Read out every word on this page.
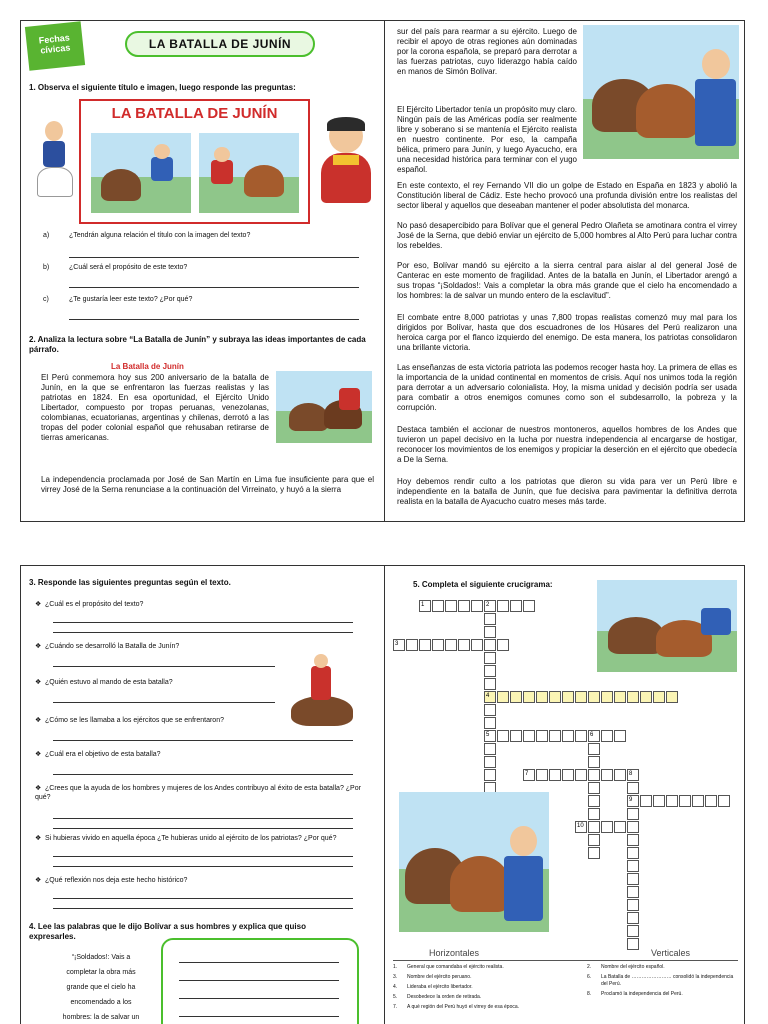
Fechas cívicas	LA BATALLA DE JUNÍN
1. Observa el siguiente título e imagen, luego responde las preguntas:
LA BATALLA DE JUNÍN
a)	¿Tendrán alguna relación el título con la imagen del texto?
b)	¿Cuál será el propósito de este texto?
c)	¿Te gustaría leer este texto? ¿Por qué?
2. Analiza la lectura sobre “La Batalla de Junín” y subraya las ideas importantes de cada párrafo.
La Batalla de Junín
El Perú conmemora hoy sus 200 aniversario de la batalla de Junín, en la que se enfrentaron las fuerzas realistas y las patriotas en 1824. En esa oportunidad, el Ejército Unido Libertador, compuesto por tropas peruanas, venezolanas, colombianas, ecuatorianas, argentinas y chilenas, derrotó a las tropas del poder colonial español que rehusaban retirarse de tierras americanas.
La independencia proclamada por José de San Martín en Lima fue insuficiente para que el virrey José de la Serna renunciase a la continuación del Virreinato, y huyó a la sierra
sur del país para rearmar a su ejército. Luego de recibir el apoyo de otras regiones aún dominadas por la corona española, se preparó para derrotar a las fuerzas patriotas, cuyo liderazgo había caído en manos de Simón Bolívar.
El Ejército Libertador tenía un propósito muy claro. Ningún país de las Américas podía ser realmente libre y soberano si se mantenía el Ejército realista en nuestro continente. Por eso, la campaña bélica, primero para Junín, y luego Ayacucho, era una necesidad histórica para terminar con el yugo español.
En este contexto, el rey Fernando VII dio un golpe de Estado en España en 1823 y abolió la Constitución liberal de Cádiz. Este hecho provocó una profunda división entre los realistas del sector liberal y aquellos que deseaban mantener el poder absolutista del monarca.
No pasó desapercibido para Bolívar que el general Pedro Olañeta se amotinara contra el virrey José de la Serna, que debió enviar un ejército de 5,000 hombres al Alto Perú para luchar contra los rebeldes.
Por eso, Bolívar mandó su ejército a la sierra central para aislar al del general José de Canterac en este momento de fragilidad. Antes de la batalla en Junín, el Libertador arengó a sus tropas “¡Soldados!: Vais a completar la obra más grande que el cielo ha encomendado a los hombres: la de salvar un mundo entero de la esclavitud”.
El combate entre 8,000 patriotas y unas 7,800 tropas realistas comenzó muy mal para los dirigidos por Bolívar, hasta que dos escuadrones de los Húsares del Perú realizaron una heroica carga por el flanco izquierdo del enemigo. De esta manera, los patriotas consolidaron una brillante victoria.
Las enseñanzas de esta victoria patriota las podemos recoger hasta hoy. La primera de ellas es la importancia de la unidad continental en momentos de crisis. Aquí nos unimos toda la región para derrotar a un adversario colonialista. Hoy, la misma unidad y decisión podría ser usada para combatir a otros enemigos comunes como son el subdesarrollo, la pobreza y la corrupción.
Destaca también el accionar de nuestros montoneros, aquellos hombres de los Andes que tuvieron un papel decisivo en la lucha por nuestra independencia al encargarse de hostigar, reconocer los movimientos de los enemigos y propiciar la deserción en el ejército que obedecía a De la Serna.
Hoy debemos rendir culto a los patriotas que dieron su vida para ver un Perú libre e independiente en la batalla de Junín, que fue decisiva para pavimentar la definitiva derrota realista en la batalla de Ayacucho cuatro meses más tarde.
3. Responde las siguientes preguntas según el texto.
❖ ¿Cuál es el propósito del texto?
❖ ¿Cuándo se desarrolló la Batalla de Junín?
❖ ¿Quién estuvo al mando de esta batalla?
❖ ¿Cómo se les llamaba a los ejércitos que se enfrentaron?
❖ ¿Cuál era el objetivo de esta batalla?
❖ ¿Crees que la ayuda de los hombres y mujeres de los Andes contribuyo al éxito de esta batalla? ¿Por qué?
❖ Si hubieras vivido en aquella época ¿Te hubieras unido al ejército de los patriotas? ¿Por qué?
❖ ¿Qué reflexión nos deja este hecho histórico?
4. Lee las palabras que le dijo Bolívar a sus hombres y explica que quiso expresarles.
“¡Soldados!: Vais a
completar la obra más
grande que el cielo ha
encomendado a los
hombres: la de salvar un
5. Completa el siguiente crucigrama:
1	2
3
4
5	6
7	8
9
10
Horizontales	Verticales
1. General que comandaba el ejército realista.
3. Nombre del ejército peruano.
4. Lideraba el ejército libertador.
5. Desobedece la orden de retirada.
7. A qué región del Perú huyó el virrey de esa época.
2.	Nombre del ejército español.
6.	La Batalla de …………………… consolidó la independencia del Perú.
8.	Proclamó la independencia del Perú.
